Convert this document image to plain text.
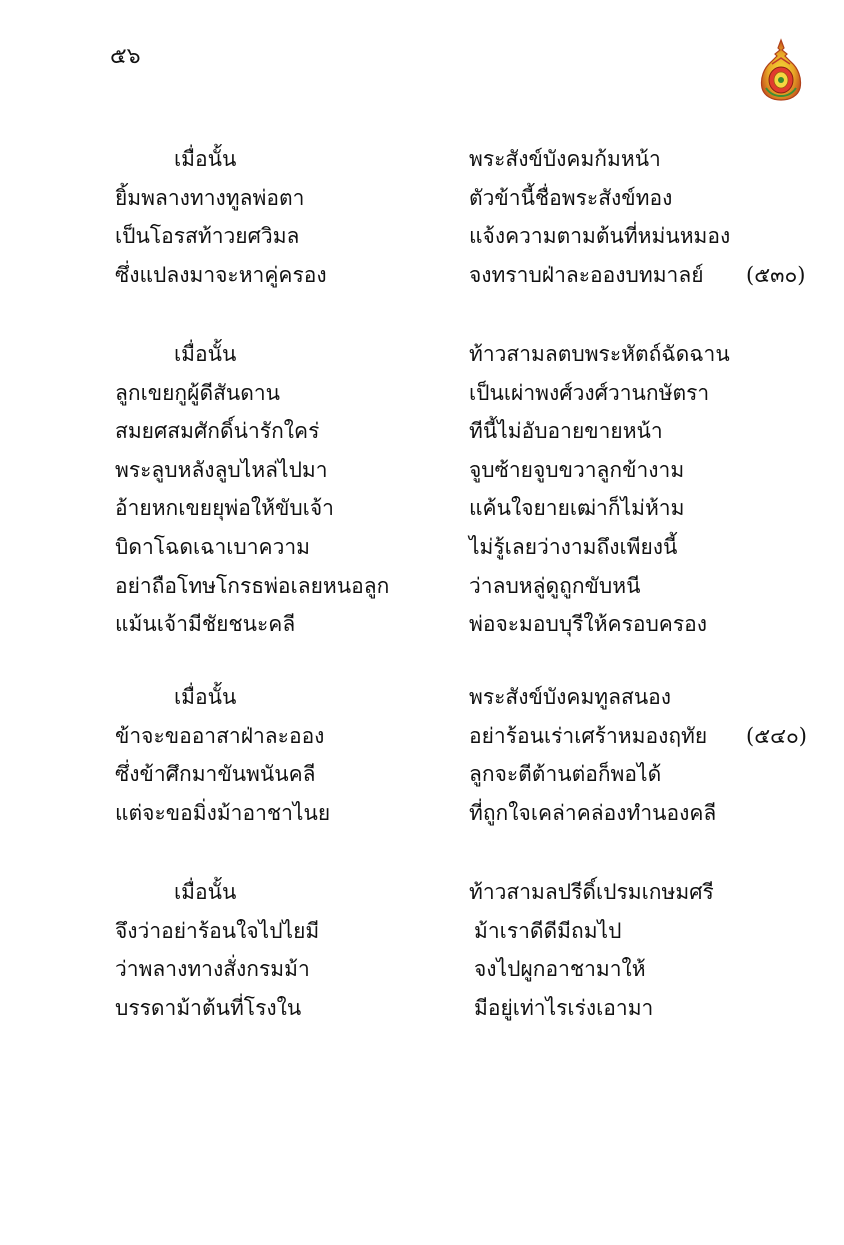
๕๖
เมื่อนั้น	พระสังข์บังคมก้มหน้า
ยิ้มพลางทางทูลพ่อตา	ตัวข้านี้ชื่อพระสังข์ทอง
เป็นโอรสท้าวยศวิมล	แจ้งความตามต้นที่หม่นหมอง
ซึ่งแปลงมาจะหาคู่ครอง	จงทราบฝ่าละอองบทมาลย์ (๕๓๐)
เมื่อนั้น	ท้าวสามลตบพระหัตถ์ฉัดฉาน
ลูกเขยกูผู้ดีสันดาน	เป็นเผ่าพงศ์วงศ์วานกษัตรา
สมยศสมศักดิ์น่ารักใคร่	ทีนี้ไม่อับอายขายหน้า
พระลูบหลังลูบไหล่ไปมา	จูบซ้ายจูบขวาลูกข้างาม
อ้ายหกเขยยุพ่อให้ขับเจ้า	แค้นใจยายเฒ่าก็ไม่ห้าม
บิดาโฉดเฉาเบาความ	ไม่รู้เลยว่างามถึงเพียงนี้
อย่าถือโทษโกรธพ่อเลยหนอลูก	ว่าลบหลู่ดูถูกขับหนี
แม้นเจ้ามีชัยชนะคลี	พ่อจะมอบบุรีให้ครอบครอง
เมื่อนั้น	พระสังข์บังคมทูลสนอง
ข้าจะขออาสาฝ่าละออง	อย่าร้อนเร่าเศร้าหมองฤทัย (๕๔๐)
ซึ่งข้าศึกมาขันพนันคลี	ลูกจะตีต้านต่อก็พอได้
แต่จะขอมิ่งม้าอาชาไนย	ที่ถูกใจเคล่าคล่องทำนองคลี
เมื่อนั้น	ท้าวสามลปรีดิ์เปรมเกษมศรี
จึงว่าอย่าร้อนใจไปไยมี	ม้าเราดีดีมีถมไป
ว่าพลางทางสั่งกรมม้า	จงไปผูกอาชามาให้
บรรดาม้าต้นที่โรงใน	มีอยู่เท่าไรเร่งเอามา
